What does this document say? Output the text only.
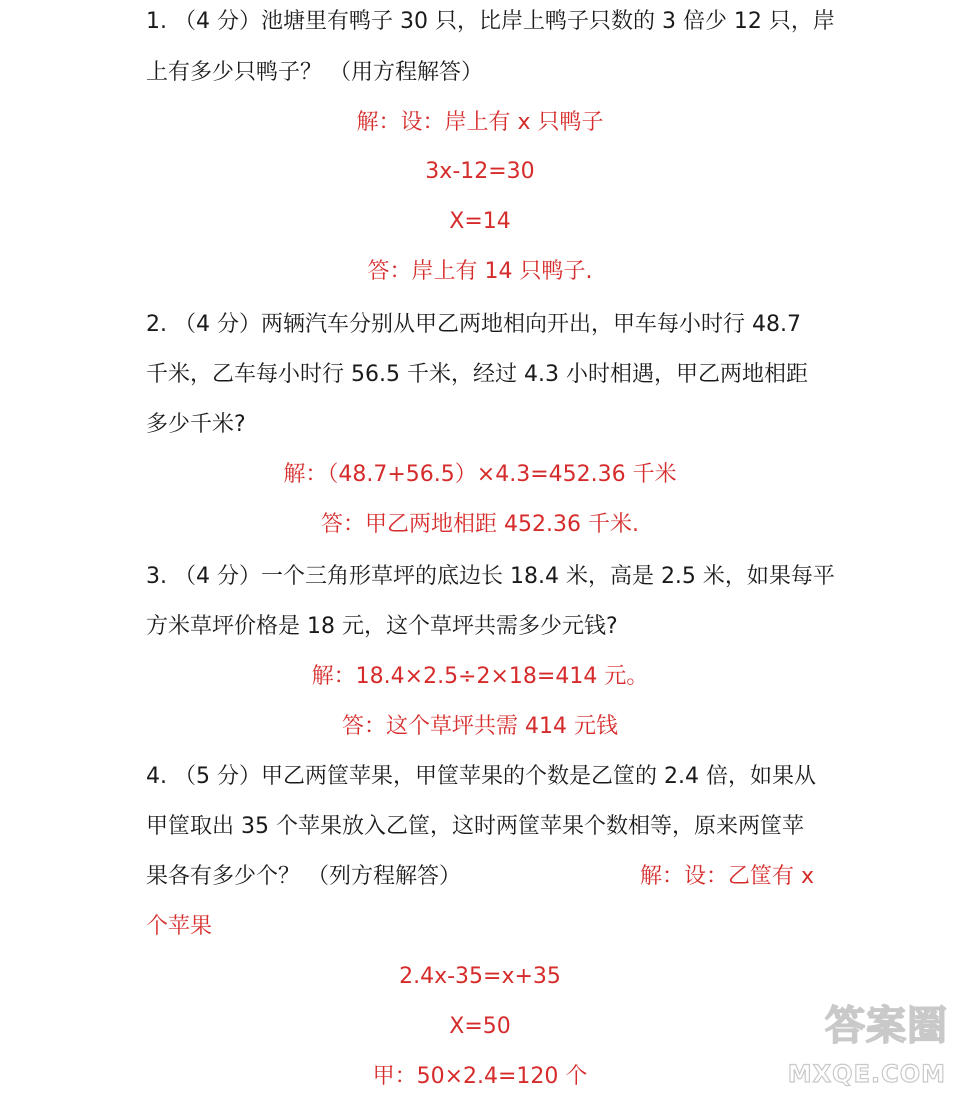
1. （4 分）池塘里有鸭子 30 只，比岸上鸭子只数的 3 倍少 12 只，岸
上有多少只鸭子？ （用方程解答）
解：设：岸上有 x 只鸭子
3x-12=30
X=14
答：岸上有 14 只鸭子.
2. （4 分）两辆汽车分别从甲乙两地相向开出，甲车每小时行 48.7
千米，乙车每小时行 56.5 千米，经过 4.3 小时相遇，甲乙两地相距
多少千米?
解：（48.7+56.5）×4.3=452.36 千米
答：甲乙两地相距 452.36 千米.
3. （4 分）一个三角形草坪的底边长 18.4 米，高是 2.5 米，如果每平
方米草坪价格是 18 元，这个草坪共需多少元钱?
解：18.4×2.5÷2×18=414 元。
答：这个草坪共需 414 元钱
4. （5 分）甲乙两筐苹果，甲筐苹果的个数是乙筐的 2.4 倍，如果从
甲筐取出 35 个苹果放入乙筐，这时两筐苹果个数相等，原来两筐苹
果各有多少个？ （列方程解答）	解：设：乙筐有 x
个苹果
2.4x-35=x+35
X=50
甲：50×2.4=120 个
答案圈
MXQE.COM
